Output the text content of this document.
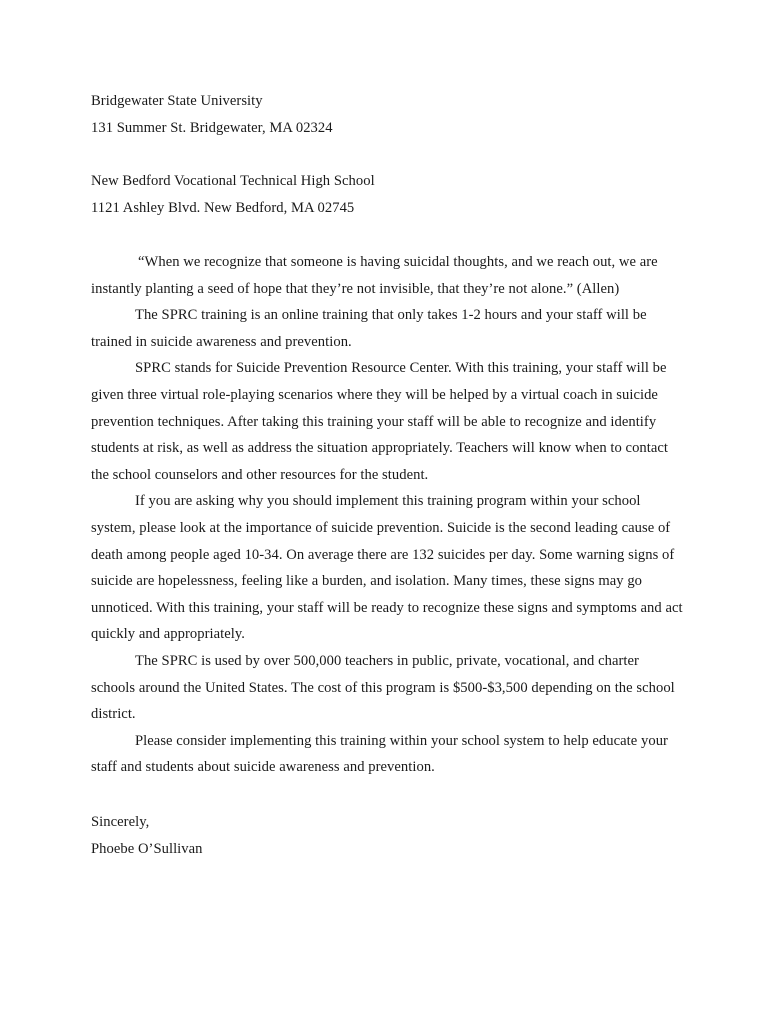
Bridgewater State University
131 Summer St. Bridgewater, MA 02324
New Bedford Vocational Technical High School
1121 Ashley Blvd. New Bedford, MA 02745

“When we recognize that someone is having suicidal thoughts, and we reach out, we are instantly planting a seed of hope that they’re not invisible, that they’re not alone.” (Allen)

The SPRC training is an online training that only takes 1-2 hours and your staff will be trained in suicide awareness and prevention.

SPRC stands for Suicide Prevention Resource Center. With this training, your staff will be given three virtual role-playing scenarios where they will be helped by a virtual coach in suicide prevention techniques. After taking this training your staff will be able to recognize and identify students at risk, as well as address the situation appropriately. Teachers will know when to contact the school counselors and other resources for the student.

If you are asking why you should implement this training program within your school system, please look at the importance of suicide prevention. Suicide is the second leading cause of death among people aged 10-34. On average there are 132 suicides per day. Some warning signs of suicide are hopelessness, feeling like a burden, and isolation. Many times, these signs may go unnoticed. With this training, your staff will be ready to recognize these signs and symptoms and act quickly and appropriately.

The SPRC is used by over 500,000 teachers in public, private, vocational, and charter schools around the United States. The cost of this program is $500-$3,500 depending on the school district.

Please consider implementing this training within your school system to help educate your staff and students about suicide awareness and prevention.

Sincerely,
Phoebe O’Sullivan
